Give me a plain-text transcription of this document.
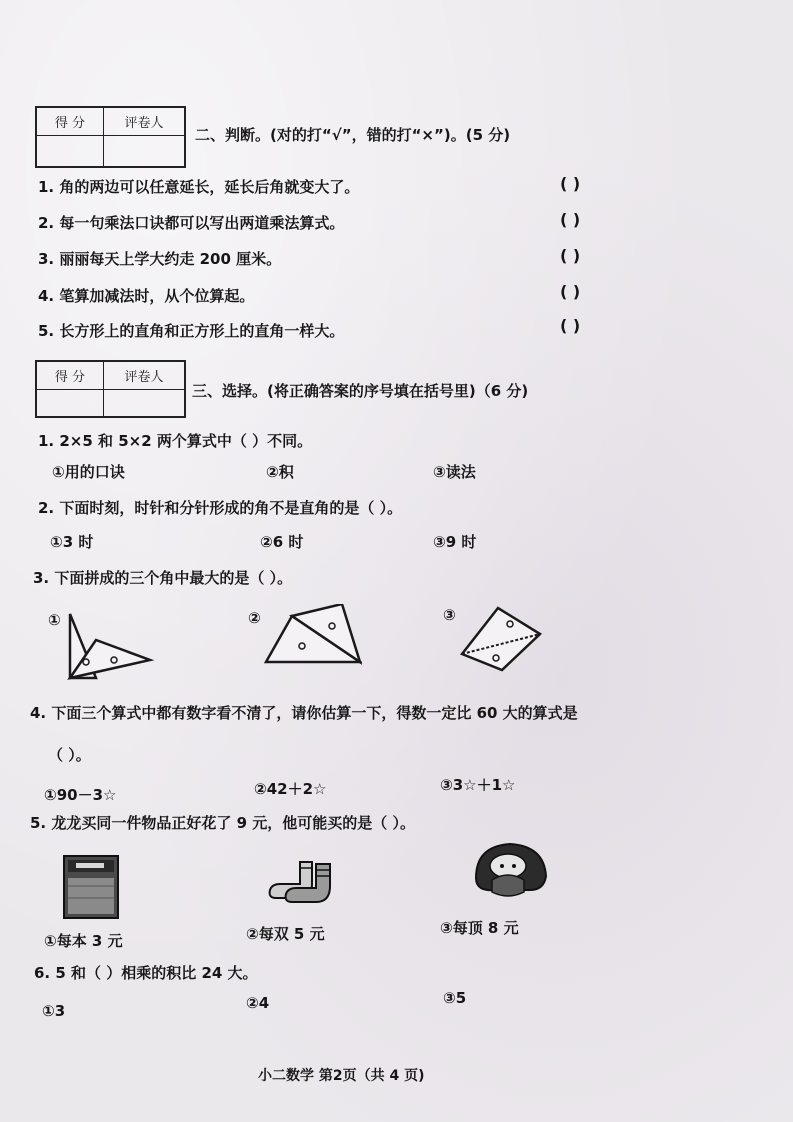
得 分	评卷人

二、判断。(对的打“√”，错的打“×”)。(5 分)
1. 角的两边可以任意延长，延长后角就变大了。	( )
2. 每一句乘法口诀都可以写出两道乘法算式。	( )
3. 丽丽每天上学大约走 200 厘米。	( )
4. 笔算加减法时，从个位算起。	( )
5. 长方形上的直角和正方形上的直角一样大。	( )
得 分	评卷人

三、选择。(将正确答案的序号填在括号里)（6 分)
1. 2×5 和 5×2 两个算式中（ ）不同。
①用的口诀	②积	③读法
2. 下面时刻，时针和分针形成的角不是直角的是（ ）。
①3 时	②6 时	③9 时
3. 下面拼成的三个角中最大的是（ ）。
①	②	③
4. 下面三个算式中都有数字看不清了，请你估算一下，得数一定比 60 大的算式是
（ ）。
①90－3☆	②42＋2☆	③3☆＋1☆
5. 龙龙买同一件物品正好花了 9 元，他可能买的是（ ）。
①每本 3 元	②每双 5 元	③每顶 8 元
6. 5 和（ ）相乘的积比 24 大。
①3	②4	③5
小二数学 第2页（共 4 页)
